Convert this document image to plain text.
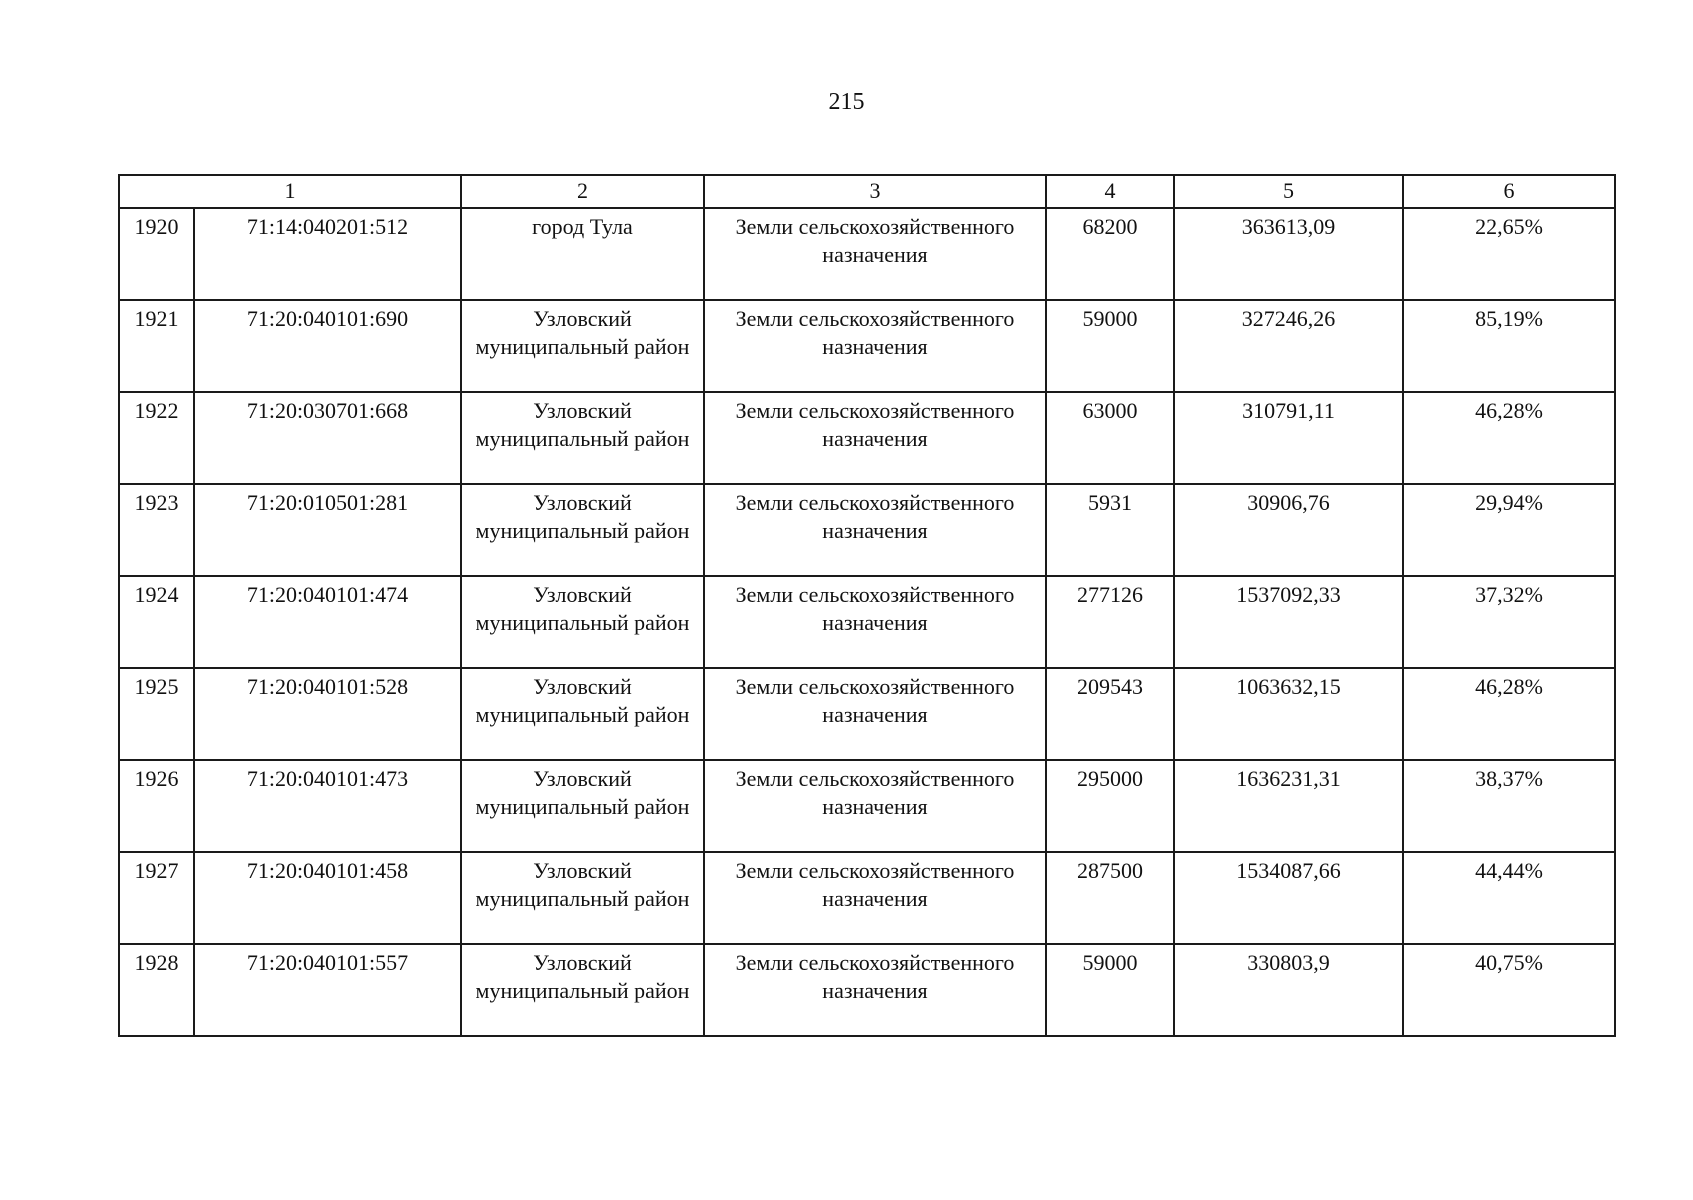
215
1		2	3	4	5	6
1920	71:14:040201:512	город Тула	Земли сельскохозяйственного назначения	68200	363613,09	22,65%
1921	71:20:040101:690	Узловский муниципальный район	Земли сельскохозяйственного назначения	59000	327246,26	85,19%
1922	71:20:030701:668	Узловский муниципальный район	Земли сельскохозяйственного назначения	63000	310791,11	46,28%
1923	71:20:010501:281	Узловский муниципальный район	Земли сельскохозяйственного назначения	5931	30906,76	29,94%
1924	71:20:040101:474	Узловский муниципальный район	Земли сельскохозяйственного назначения	277126	1537092,33	37,32%
1925	71:20:040101:528	Узловский муниципальный район	Земли сельскохозяйственного назначения	209543	1063632,15	46,28%
1926	71:20:040101:473	Узловский муниципальный район	Земли сельскохозяйственного назначения	295000	1636231,31	38,37%
1927	71:20:040101:458	Узловский муниципальный район	Земли сельскохозяйственного назначения	287500	1534087,66	44,44%
1928	71:20:040101:557	Узловский муниципальный район	Земли сельскохозяйственного назначения	59000	330803,9	40,75%
